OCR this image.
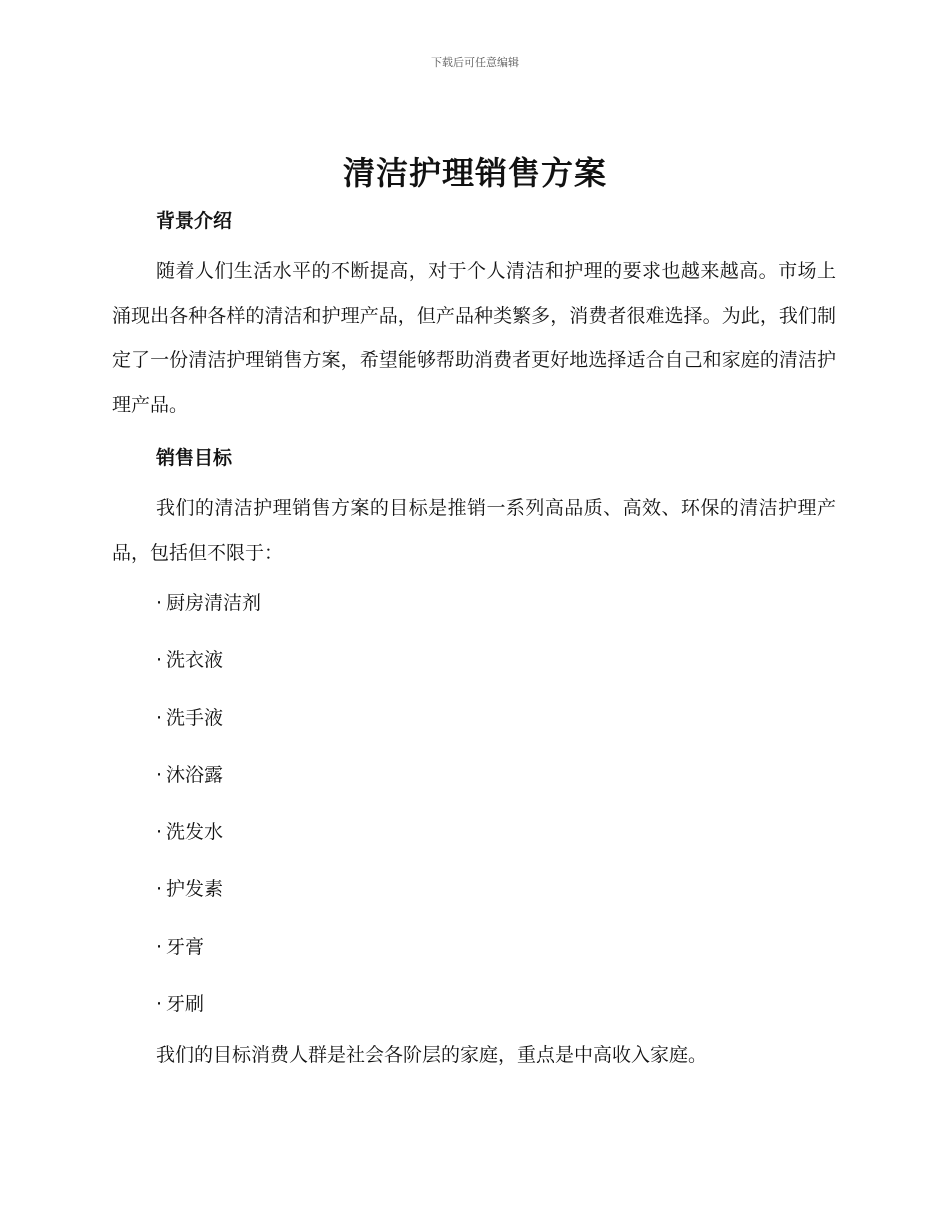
下载后可任意编辑
清洁护理销售方案
背景介绍

随着人们生活水平的不断提高，对于个人清洁和护理的要求也越来越高。市场上涌现出各种各样的清洁和护理产品，但产品种类繁多，消费者很难选择。为此，我们制定了一份清洁护理销售方案，希望能够帮助消费者更好地选择适合自己和家庭的清洁护理产品。

销售目标

我们的清洁护理销售方案的目标是推销一系列高品质、高效、环保的清洁护理产品，包括但不限于：

· 厨房清洁剂
· 洗衣液
· 洗手液
· 沐浴露
· 洗发水
· 护发素
· 牙膏
· 牙刷

我们的目标消费人群是社会各阶层的家庭，重点是中高收入家庭。
